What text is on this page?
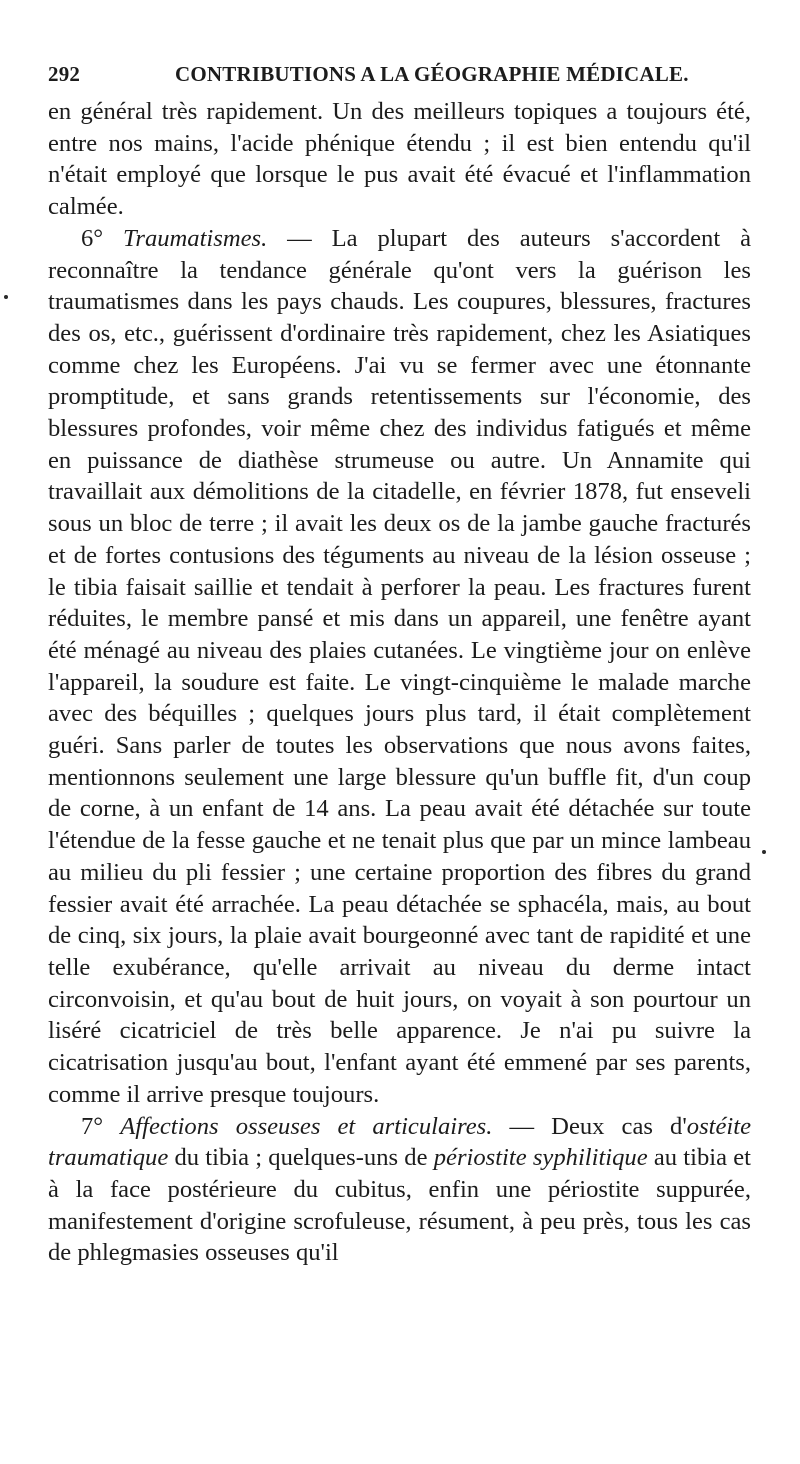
292	CONTRIBUTIONS A LA GÉOGRAPHIE MÉDICALE.

en général très rapidement. Un des meilleurs topiques a toujours été, entre nos mains, l'acide phénique étendu ; il est bien entendu qu'il n'était employé que lorsque le pus avait été évacué et l'inflammation calmée.

6° Traumatismes. — La plupart des auteurs s'accordent à reconnaître la tendance générale qu'ont vers la guérison les traumatismes dans les pays chauds. Les coupures, blessures, fractures des os, etc., guérissent d'ordinaire très rapidement, chez les Asiatiques comme chez les Européens. J'ai vu se fermer avec une étonnante promptitude, et sans grands retentissements sur l'économie, des blessures profondes, voir même chez des individus fatigués et même en puissance de diathèse strumeuse ou autre. Un Annamite qui travaillait aux démolitions de la citadelle, en février 1878, fut enseveli sous un bloc de terre ; il avait les deux os de la jambe gauche fracturés et de fortes contusions des téguments au niveau de la lésion osseuse ; le tibia faisait saillie et tendait à perforer la peau. Les fractures furent réduites, le membre pansé et mis dans un appareil, une fenêtre ayant été ménagé au niveau des plaies cutanées. Le vingtième jour on enlève l'appareil, la soudure est faite. Le vingt-cinquième le malade marche avec des béquilles ; quelques jours plus tard, il était complètement guéri. Sans parler de toutes les observations que nous avons faites, mentionnons seulement une large blessure qu'un buffle fit, d'un coup de corne, à un enfant de 14 ans. La peau avait été détachée sur toute l'étendue de la fesse gauche et ne tenait plus que par un mince lambeau au milieu du pli fessier ; une certaine proportion des fibres du grand fessier avait été arrachée. La peau détachée se sphacéla, mais, au bout de cinq, six jours, la plaie avait bourgeonné avec tant de rapidité et une telle exubérance, qu'elle arrivait au niveau du derme intact circonvoisin, et qu'au bout de huit jours, on voyait à son pourtour un liséré cicatriciel de très belle apparence. Je n'ai pu suivre la cicatrisation jusqu'au bout, l'enfant ayant été emmené par ses parents, comme il arrive presque toujours.

7° Affections osseuses et articulaires. — Deux cas d'ostéite traumatique du tibia ; quelques-uns de périostite syphilitique au tibia et à la face postérieure du cubitus, enfin une périostite suppurée, manifestement d'origine scrofuleuse, résument, à peu près, tous les cas de phlegmasies osseuses qu'il
